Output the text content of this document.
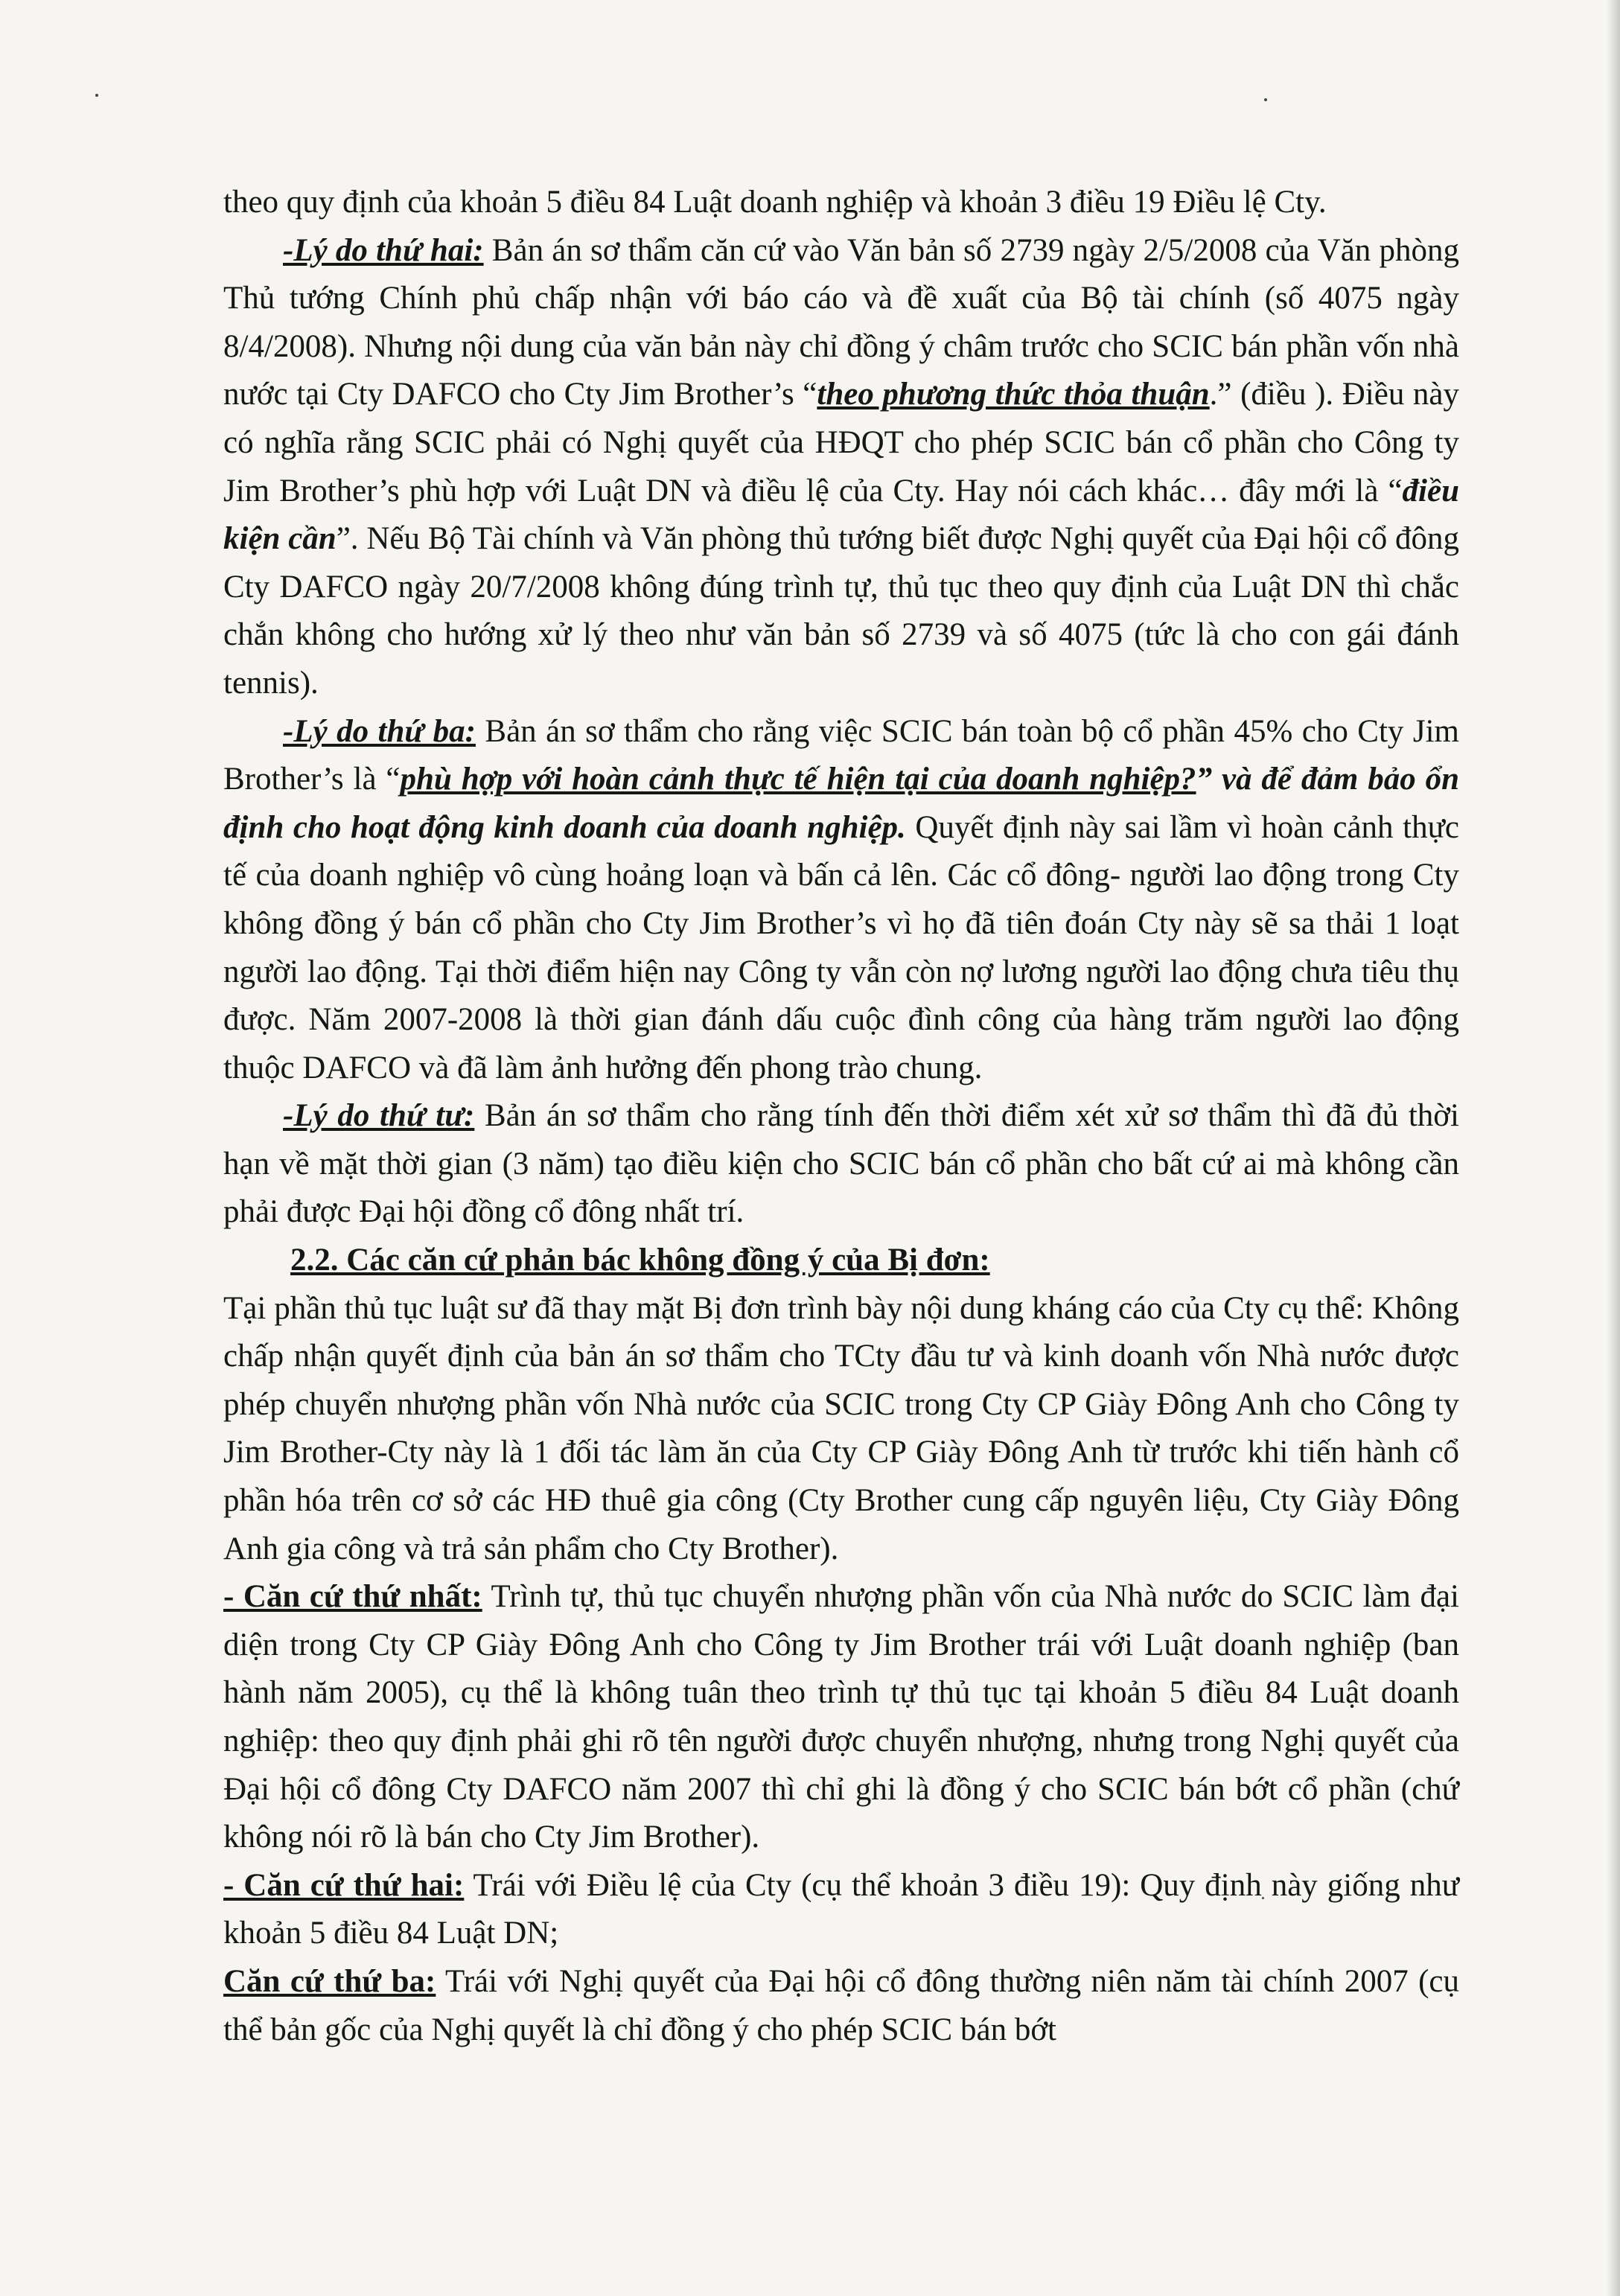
theo quy định của khoản 5 điều 84 Luật doanh nghiệp và khoản 3 điều 19 Điều lệ Cty.

-Lý do thứ hai: Bản án sơ thẩm căn cứ vào Văn bản số 2739 ngày 2/5/2008 của Văn phòng Thủ tướng Chính phủ chấp nhận với báo cáo và đề xuất của Bộ tài chính (số 4075 ngày 8/4/2008). Nhưng nội dung của văn bản này chỉ đồng ý châm trước cho SCIC bán phần vốn nhà nước tại Cty DAFCO cho Cty Jim Brother’s “theo phương thức thỏa thuận.” (điều ). Điều này có nghĩa rằng SCIC phải có Nghị quyết của HĐQT cho phép SCIC bán cổ phần cho Công ty Jim Brother’s phù hợp với Luật DN và điều lệ của Cty. Hay nói cách khác… đây mới là “điều kiện cần”. Nếu Bộ Tài chính và Văn phòng thủ tướng biết được Nghị quyết của Đại hội cổ đông Cty DAFCO ngày 20/7/2008 không đúng trình tự, thủ tục theo quy định của Luật DN thì chắc chắn không cho hướng xử lý theo như văn bản số 2739 và số 4075 (tức là cho con gái đánh tennis).

-Lý do thứ ba: Bản án sơ thẩm cho rằng việc SCIC bán toàn bộ cổ phần 45% cho Cty Jim Brother’s là “phù hợp với hoàn cảnh thực tế hiện tại của doanh nghiệp?” và để đảm bảo ổn định cho hoạt động kinh doanh của doanh nghiệp. Quyết định này sai lầm vì hoàn cảnh thực tế của doanh nghiệp vô cùng hoảng loạn và bấn cả lên. Các cổ đông- người lao động trong Cty không đồng ý bán cổ phần cho Cty Jim Brother’s vì họ đã tiên đoán Cty này sẽ sa thải 1 loạt người lao động. Tại thời điểm hiện nay Công ty vẫn còn nợ lương người lao động chưa tiêu thụ được. Năm 2007-2008 là thời gian đánh dấu cuộc đình công của hàng trăm người lao động thuộc DAFCO và đã làm ảnh hưởng đến phong trào chung.

-Lý do thứ tư: Bản án sơ thẩm cho rằng tính đến thời điểm xét xử sơ thẩm thì đã đủ thời hạn về mặt thời gian (3 năm) tạo điều kiện cho SCIC bán cổ phần cho bất cứ ai mà không cần phải được Đại hội đồng cổ đông nhất trí.

2.2. Các căn cứ phản bác không đồng ý của Bị đơn:

Tại phần thủ tục luật sư đã thay mặt Bị đơn trình bày nội dung kháng cáo của Cty cụ thể: Không chấp nhận quyết định của bản án sơ thẩm cho TCty đầu tư và kinh doanh vốn Nhà nước được phép chuyển nhượng phần vốn Nhà nước của SCIC trong Cty CP Giày Đông Anh cho Công ty Jim Brother-Cty này là 1 đối tác làm ăn của Cty CP Giày Đông Anh từ trước khi tiến hành cổ phần hóa trên cơ sở các HĐ thuê gia công (Cty Brother cung cấp nguyên liệu, Cty Giày Đông Anh gia công và trả sản phẩm cho Cty Brother).

- Căn cứ thứ nhất: Trình tự, thủ tục chuyển nhượng phần vốn của Nhà nước do SCIC làm đại diện trong Cty CP Giày Đông Anh cho Công ty Jim Brother trái với Luật doanh nghiệp (ban hành năm 2005), cụ thể là không tuân theo trình tự thủ tục tại khoản 5 điều 84 Luật doanh nghiệp: theo quy định phải ghi rõ tên người được chuyển nhượng, nhưng trong Nghị quyết của Đại hội cổ đông Cty DAFCO năm 2007 thì chỉ ghi là đồng ý cho SCIC bán bớt cổ phần (chứ không nói rõ là bán cho Cty Jim Brother).

- Căn cứ thứ hai: Trái với Điều lệ của Cty (cụ thể khoản 3 điều 19): Quy định này giống như khoản 5 điều 84 Luật DN;

Căn cứ thứ ba: Trái với Nghị quyết của Đại hội cổ đông thường niên năm tài chính 2007 (cụ thể bản gốc của Nghị quyết là chỉ đồng ý cho phép SCIC bán bớt
